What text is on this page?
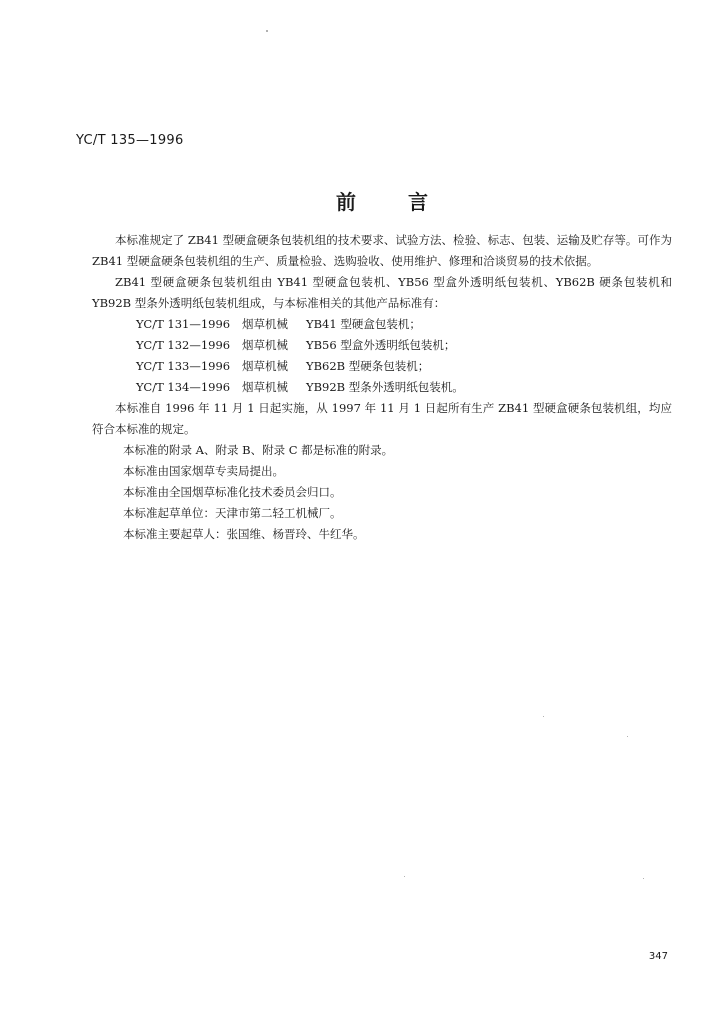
YC/T 135—1996
前言

本标准规定了 ZB41 型硬盒硬条包装机组的技术要求、试验方法、检验、标志、包装、运输及贮存等。可作为 ZB41 型硬盒硬条包装机组的生产、质量检验、选购验收、使用维护、修理和洽谈贸易的技术依据。

ZB41 型硬盒硬条包装机组由 YB41 型硬盒包装机、YB56 型盒外透明纸包装机、YB62B 硬条包装机和 YB92B 型条外透明纸包装机组成，与本标准相关的其他产品标准有：

YC/T 131—1996	烟草机械	YB41 型硬盒包装机；
YC/T 132—1996	烟草机械	YB56 型盒外透明纸包装机；
YC/T 133—1996	烟草机械	YB62B 型硬条包装机；
YC/T 134—1996	烟草机械	YB92B 型条外透明纸包装机。

本标准自 1996 年 11 月 1 日起实施，从 1997 年 11 月 1 日起所有生产 ZB41 型硬盒硬条包装机组，均应符合本标准的规定。

本标准的附录 A、附录 B、附录 C 都是标准的附录。

本标准由国家烟草专卖局提出。

本标准由全国烟草标准化技术委员会归口。

本标准起草单位：天津市第二轻工机械厂。

本标准主要起草人：张国维、杨晋玲、牛红华。

347
